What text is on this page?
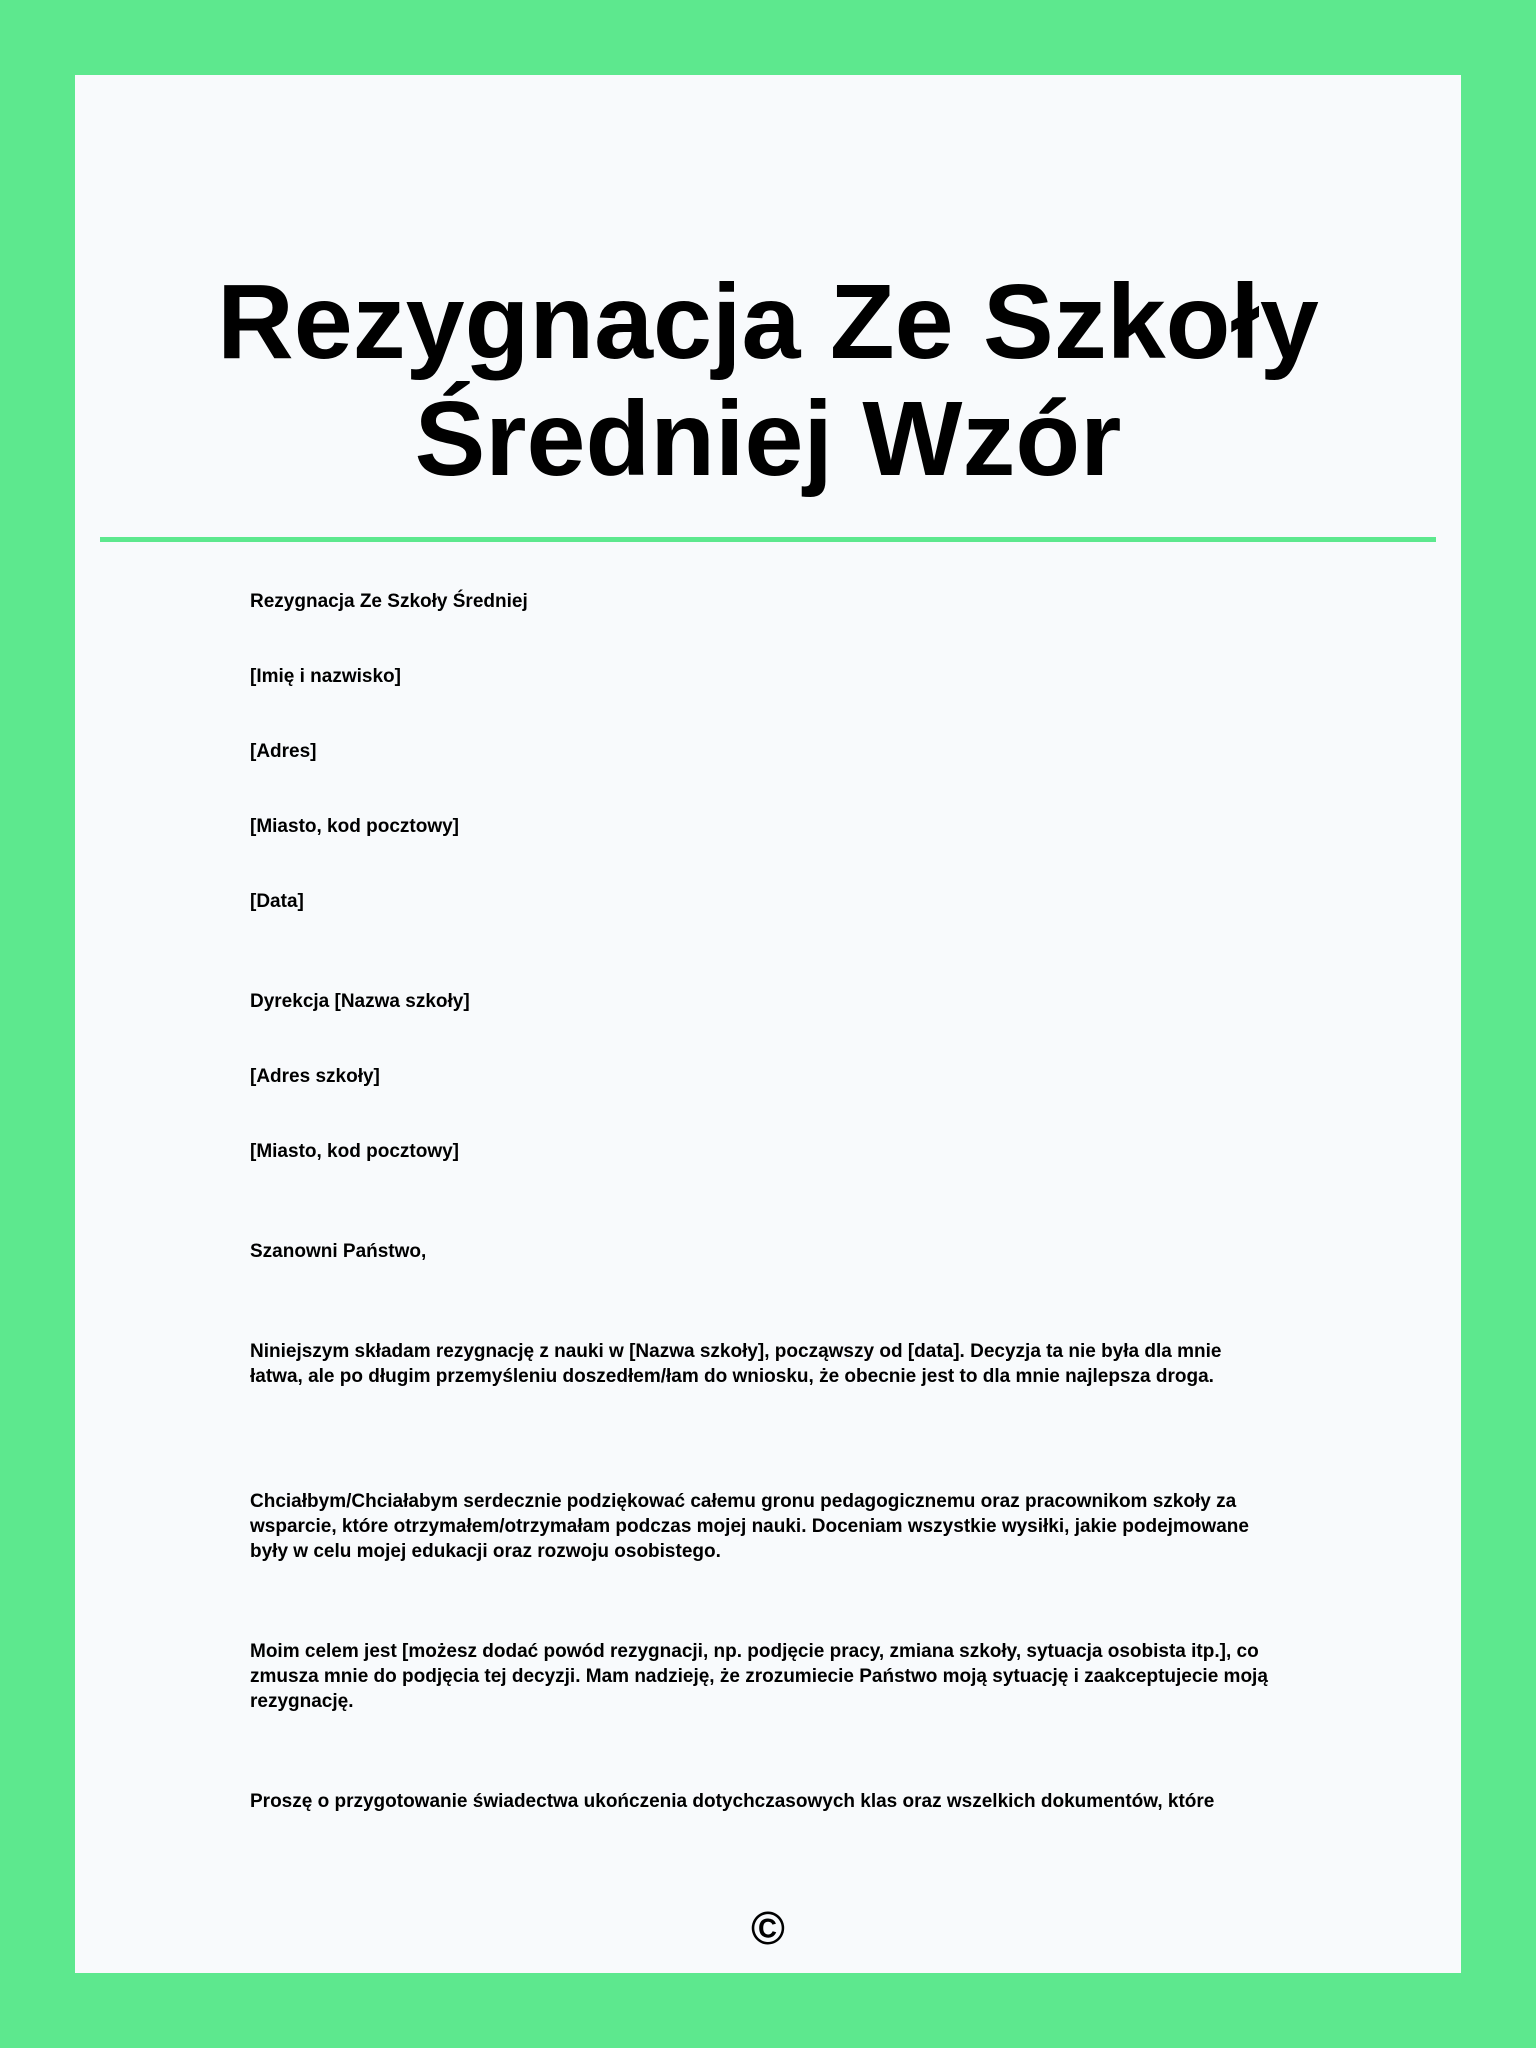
Rezygnacja Ze Szkoły
Średniej Wzór

Rezygnacja Ze Szkoły Średniej

[Imię i nazwisko]

[Adres]

[Miasto, kod pocztowy]

[Data]

Dyrekcja [Nazwa szkoły]

[Adres szkoły]

[Miasto, kod pocztowy]

Szanowni Państwo,

Niniejszym składam rezygnację z nauki w [Nazwa szkoły], począwszy od [data]. Decyzja ta nie była dla mnie łatwa, ale po długim przemyśleniu doszedłem/łam do wniosku, że obecnie jest to dla mnie najlepsza droga.

Chciałbym/Chciałabym serdecznie podziękować całemu gronu pedagogicznemu oraz pracownikom szkoły za wsparcie, które otrzymałem/otrzymałam podczas mojej nauki. Doceniam wszystkie wysiłki, jakie podejmowane były w celu mojej edukacji oraz rozwoju osobistego.

Moim celem jest [możesz dodać powód rezygnacji, np. podjęcie pracy, zmiana szkoły, sytuacja osobista itp.], co zmusza mnie do podjęcia tej decyzji. Mam nadzieję, że zrozumiecie Państwo moją sytuację i zaakceptujecie moją rezygnację.

Proszę o przygotowanie świadectwa ukończenia dotychczasowych klas oraz wszelkich dokumentów, które

©
